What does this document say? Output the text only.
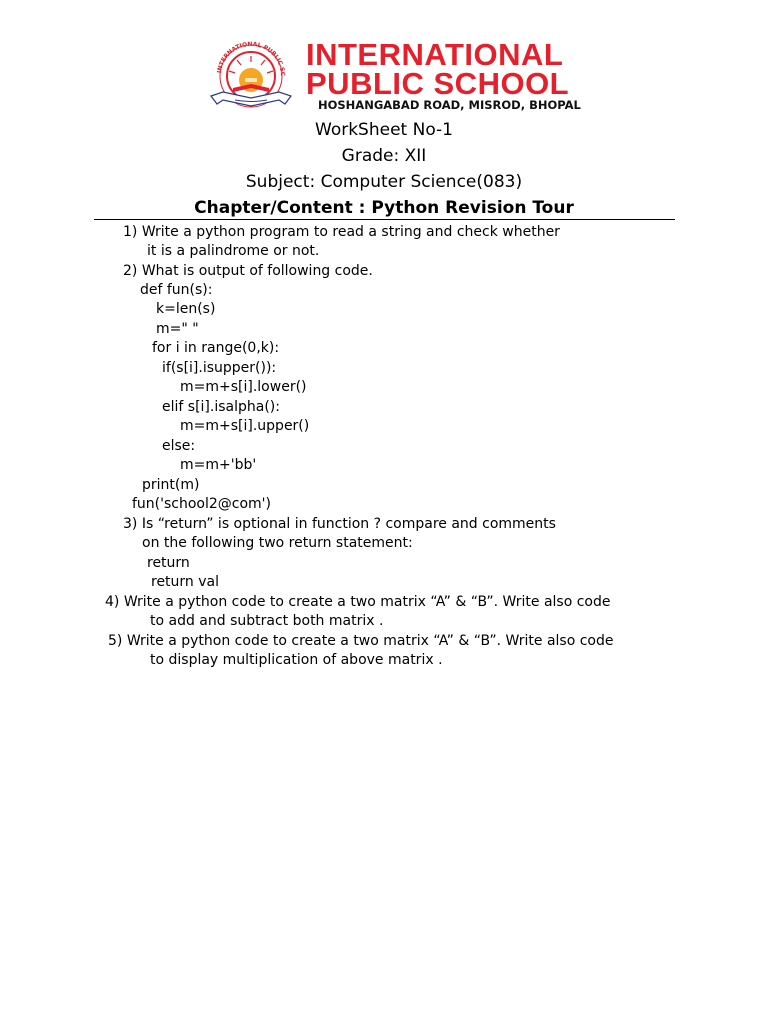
INTERNATIONAL PUBLIC SC
INTERNATIONAL
PUBLIC SCHOOL
HOSHANGABAD ROAD, MISROD, BHOPAL
WorkSheet No-1
Grade: XII
Subject: Computer Science(083)
Chapter/Content : Python Revision Tour
1) Write a python program to read a string and check whether
it is a palindrome or not.
2) What is output of following code.
def fun(s):
k=len(s)
m=" "
for i in range(0,k):
if(s[i].isupper()):
m=m+s[i].lower()
elif s[i].isalpha():
m=m+s[i].upper()
else:
m=m+'bb'
print(m)
fun('school2@com')
3) Is “return” is optional in function ? compare and comments
on the following two return statement:
return
return val
4) Write a python code to create a two matrix “A” & “B”. Write also code
to add and subtract both matrix .
5) Write a python code to create a two matrix “A” & “B”. Write also code
to display multiplication of above matrix .
